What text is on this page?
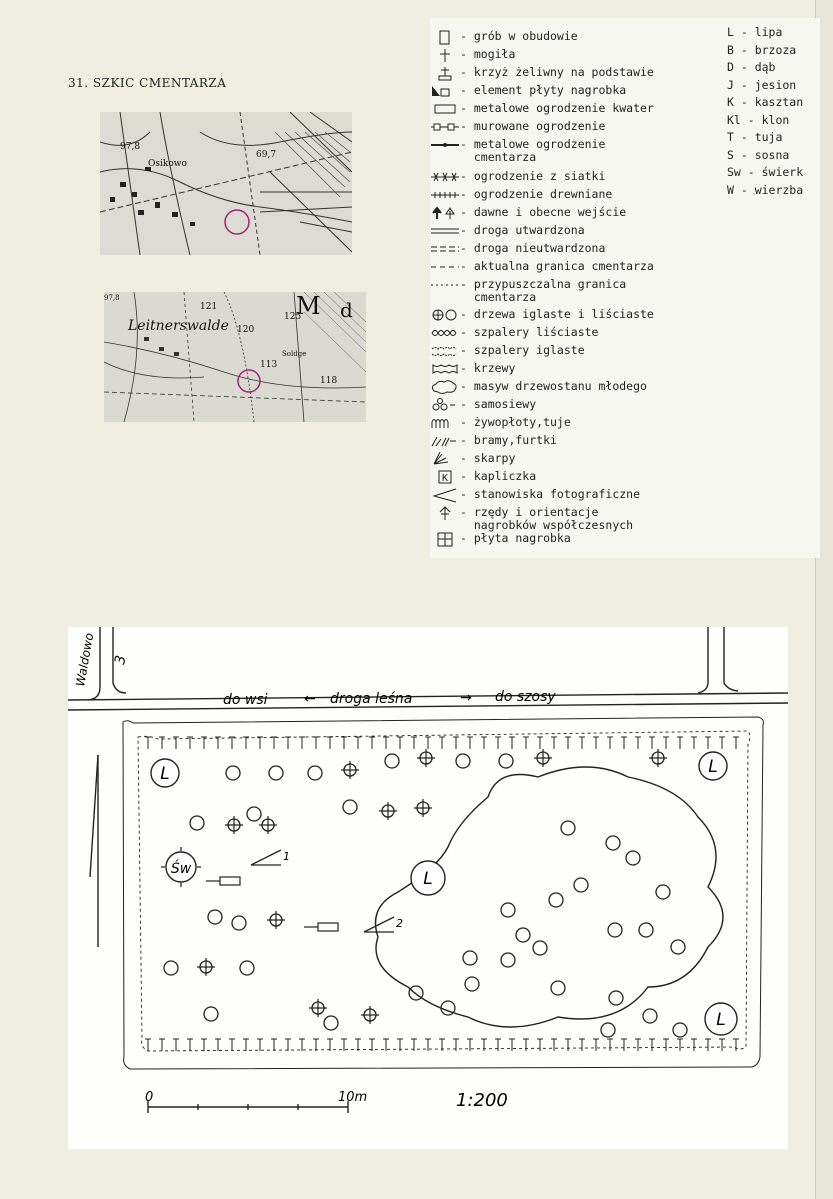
31. SZKIC CMENTARZA
Osikowo
97,8
69,7
Leitnerswalde
121
120
125
113
Soldge
118
M d
97,8
- grób w obudowie
- mogiła
- krzyż żeliwny na podstawie
- element płyty nagrobka
- metalowe ogrodzenie kwater
- murowane ogrodzenie
- metalowe ogrodzenie
cmentarza
- ogrodzenie z siatki
- ogrodzenie drewniane
- dawne i obecne wejście
- droga utwardzona
- droga nieutwardzona
- aktualna granica cmentarza
- przypuszczalna granica
cmentarza
- drzewa iglaste i liściaste
- szpalery liściaste
- szpalery iglaste
- krzewy
- masyw drzewostanu młodego
- samosiewy
- żywopłoty,tuje
- bramy,furtki
- skarpy
K - kapliczka
- stanowiska fotograficzne
- rzędy i orientacje
nagrobków współczesnych
- płyta nagrobka
L - lipa
B - brzoza
D - dąb
J - jesion
K - kasztan
Kl - klon
T - tuja
S - sosna
Sw - świerk
W - wierzba
L	L
L
L
Św
1
2
do wsi	← droga leśna	→ do szosy
Waldowo 3
0	10m	1:200
